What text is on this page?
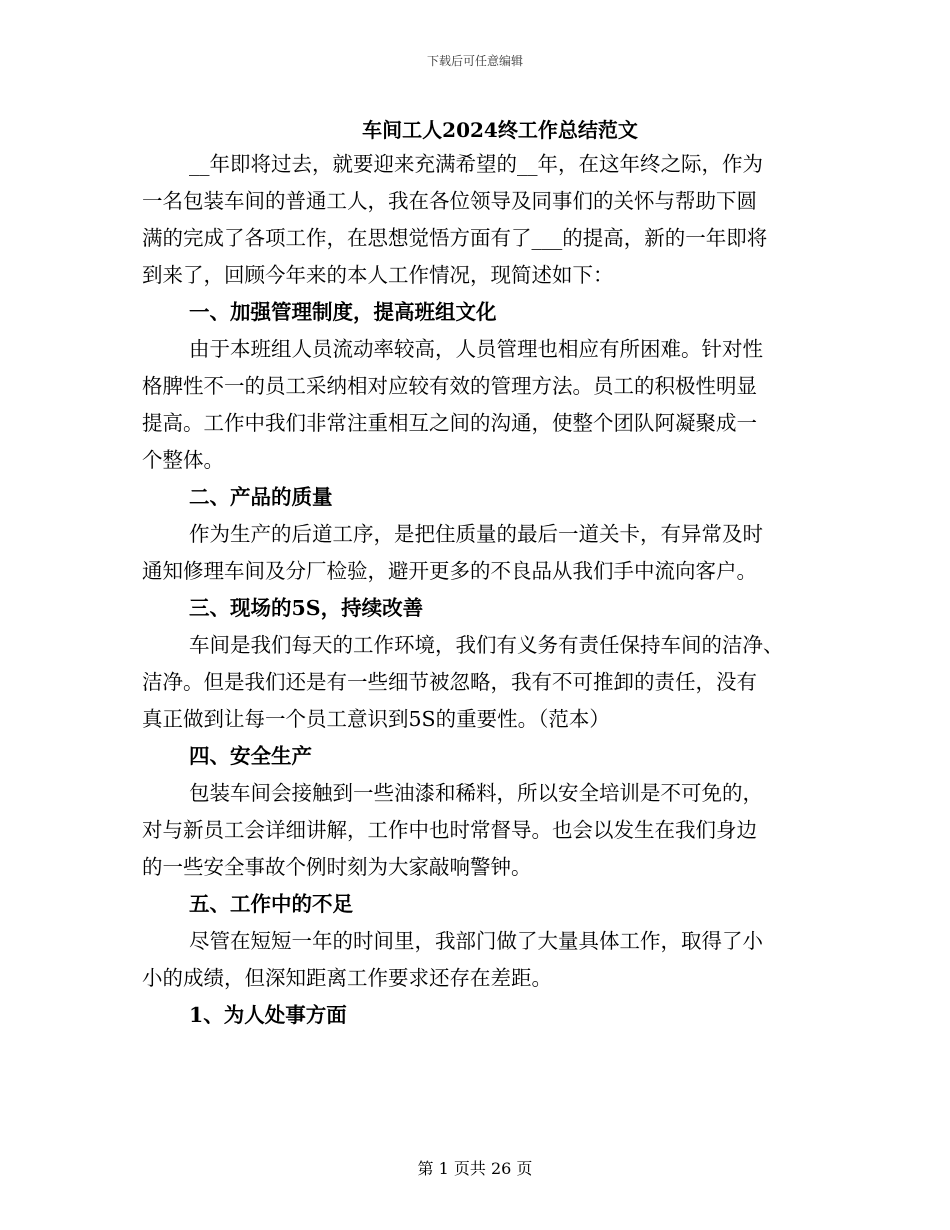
下载后可任意编辑
车间工人2024终工作总结范文
__年即将过去，就要迎来充满希望的__年，在这年终之际，作为
一名包装车间的普通工人，我在各位领导及同事们的关怀与帮助下圆
满的完成了各项工作，在思想觉悟方面有了___的提高，新的一年即将
到来了，回顾今年来的本人工作情况，现简述如下：
一、加强管理制度，提高班组文化
由于本班组人员流动率较高，人员管理也相应有所困难。针对性
格脾性不一的员工采纳相对应较有效的管理方法。员工的积极性明显
提高。工作中我们非常注重相互之间的沟通，使整个团队阿凝聚成一
个整体。
二、产品的质量
作为生产的后道工序，是把住质量的最后一道关卡，有异常及时
通知修理车间及分厂检验，避开更多的不良品从我们手中流向客户。
三、现场的5S，持续改善
车间是我们每天的工作环境，我们有义务有责任保持车间的洁净、
洁净。但是我们还是有一些细节被忽略，我有不可推卸的责任，没有
真正做到让每一个员工意识到5S的重要性。（范本）
四、安全生产
包装车间会接触到一些油漆和稀料，所以安全培训是不可免的，
对与新员工会详细讲解，工作中也时常督导。也会以发生在我们身边
的一些安全事故个例时刻为大家敲响警钟。
五、工作中的不足
尽管在短短一年的时间里，我部门做了大量具体工作，取得了小
小的成绩，但深知距离工作要求还存在差距。
1、为人处事方面
第 1 页共 26 页
